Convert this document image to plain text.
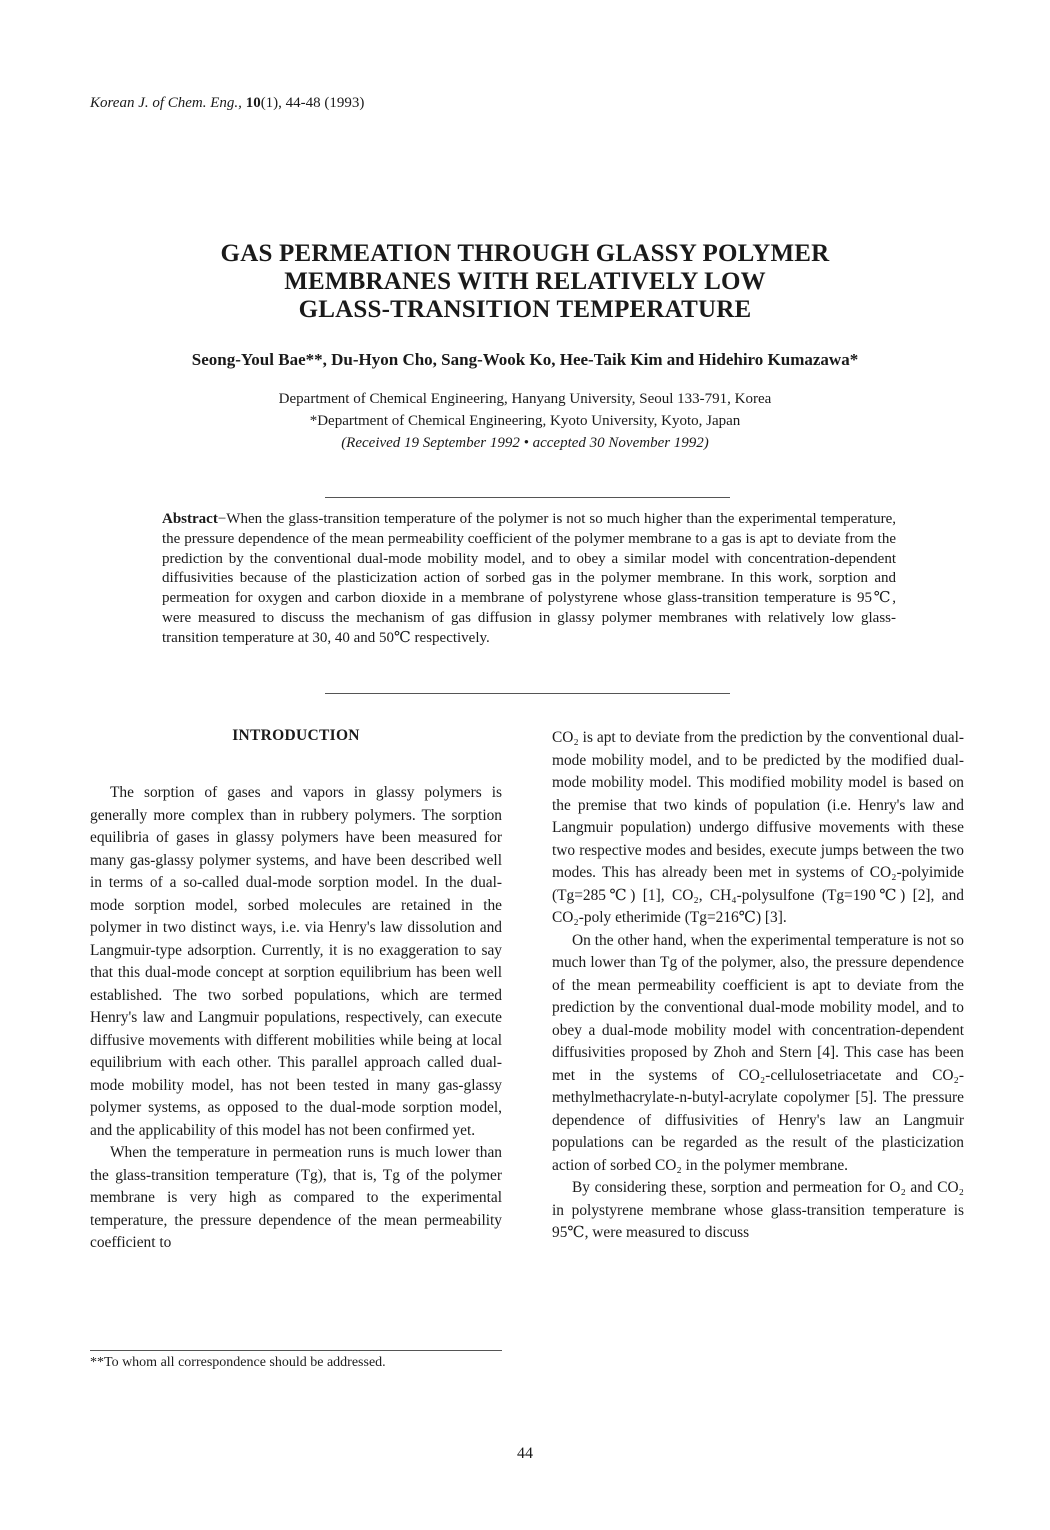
Korean J. of Chem. Eng., 10(1), 44-48 (1993)
GAS PERMEATION THROUGH GLASSY POLYMER
MEMBRANES WITH RELATIVELY LOW
GLASS-TRANSITION TEMPERATURE
Seong-Youl Bae**, Du-Hyon Cho, Sang-Wook Ko, Hee-Taik Kim and Hidehiro Kumazawa*
Department of Chemical Engineering, Hanyang University, Seoul 133-791, Korea
*Department of Chemical Engineering, Kyoto University, Kyoto, Japan
(Received 19 September 1992 • accepted 30 November 1992)
Abstract−When the glass-transition temperature of the polymer is not so much higher than the experimental temperature, the pressure dependence of the mean permeability coefficient of the polymer membrane to a gas is apt to deviate from the prediction by the conventional dual-mode mobility model, and to obey a similar model with concentration-dependent diffusivities because of the plasticization action of sorbed gas in the polymer membrane. In this work, sorption and permeation for oxygen and carbon dioxide in a membrane of polystyrene whose glass-transition temperature is 95℃, were measured to discuss the mechanism of gas diffusion in glassy polymer membranes with relatively low glass-transition temperature at 30, 40 and 50℃ respectively.
INTRODUCTION

The sorption of gases and vapors in glassy polymers is generally more complex than in rubbery polymers. The sorption equilibria of gases in glassy polymers have been measured for many gas-glassy polymer systems, and have been described well in terms of a so-called dual-mode sorption model. In the dual-mode sorption model, sorbed molecules are retained in the polymer in two distinct ways, i.e. via Henry's law dissolution and Langmuir-type adsorption. Currently, it is no exaggeration to say that this dual-mode concept at sorption equilibrium has been well established. The two sorbed populations, which are termed Henry's law and Langmuir populations, respectively, can execute diffusive movements with different mobilities while being at local equilibrium with each other. This parallel approach called dual-mode mobility model, has not been tested in many gas-glassy polymer systems, as opposed to the dual-mode sorption model, and the applicability of this model has not been confirmed yet.

When the temperature in permeation runs is much lower than the glass-transition temperature (Tg), that is, Tg of the polymer membrane is very high as compared to the experimental temperature, the pressure dependence of the mean permeability coefficient to

CO₂ is apt to deviate from the prediction by the conventional dual-mode mobility model, and to be predicted by the modified dual-mode mobility model. This modified mobility model is based on the premise that two kinds of population (i.e. Henry's law and Langmuir population) undergo diffusive movements with these two respective modes and besides, execute jumps between the two modes. This has already been met in systems of CO₂-polyimide (Tg=285℃) [1], CO₂, CH₄-polysulfone (Tg=190℃) [2], and CO₂-poly etherimide (Tg=216℃) [3].

On the other hand, when the experimental temperature is not so much lower than Tg of the polymer, also, the pressure dependence of the mean permeability coefficient is apt to deviate from the prediction by the conventional dual-mode mobility model, and to obey a dual-mode mobility model with concentration-dependent diffusivities proposed by Zhoh and Stern [4]. This case has been met in the systems of CO₂-cellulosetriacetate and CO₂-methylmethacrylate-n-butyl-acrylate copolymer [5]. The pressure dependence of diffusivities of Henry's law an Langmuir populations can be regarded as the result of the plasticization action of sorbed CO₂ in the polymer membrane.

By considering these, sorption and permeation for O₂ and CO₂ in polystyrene membrane whose glass-transition temperature is 95℃, were measured to discuss

**To whom all correspondence should be addressed.
44
